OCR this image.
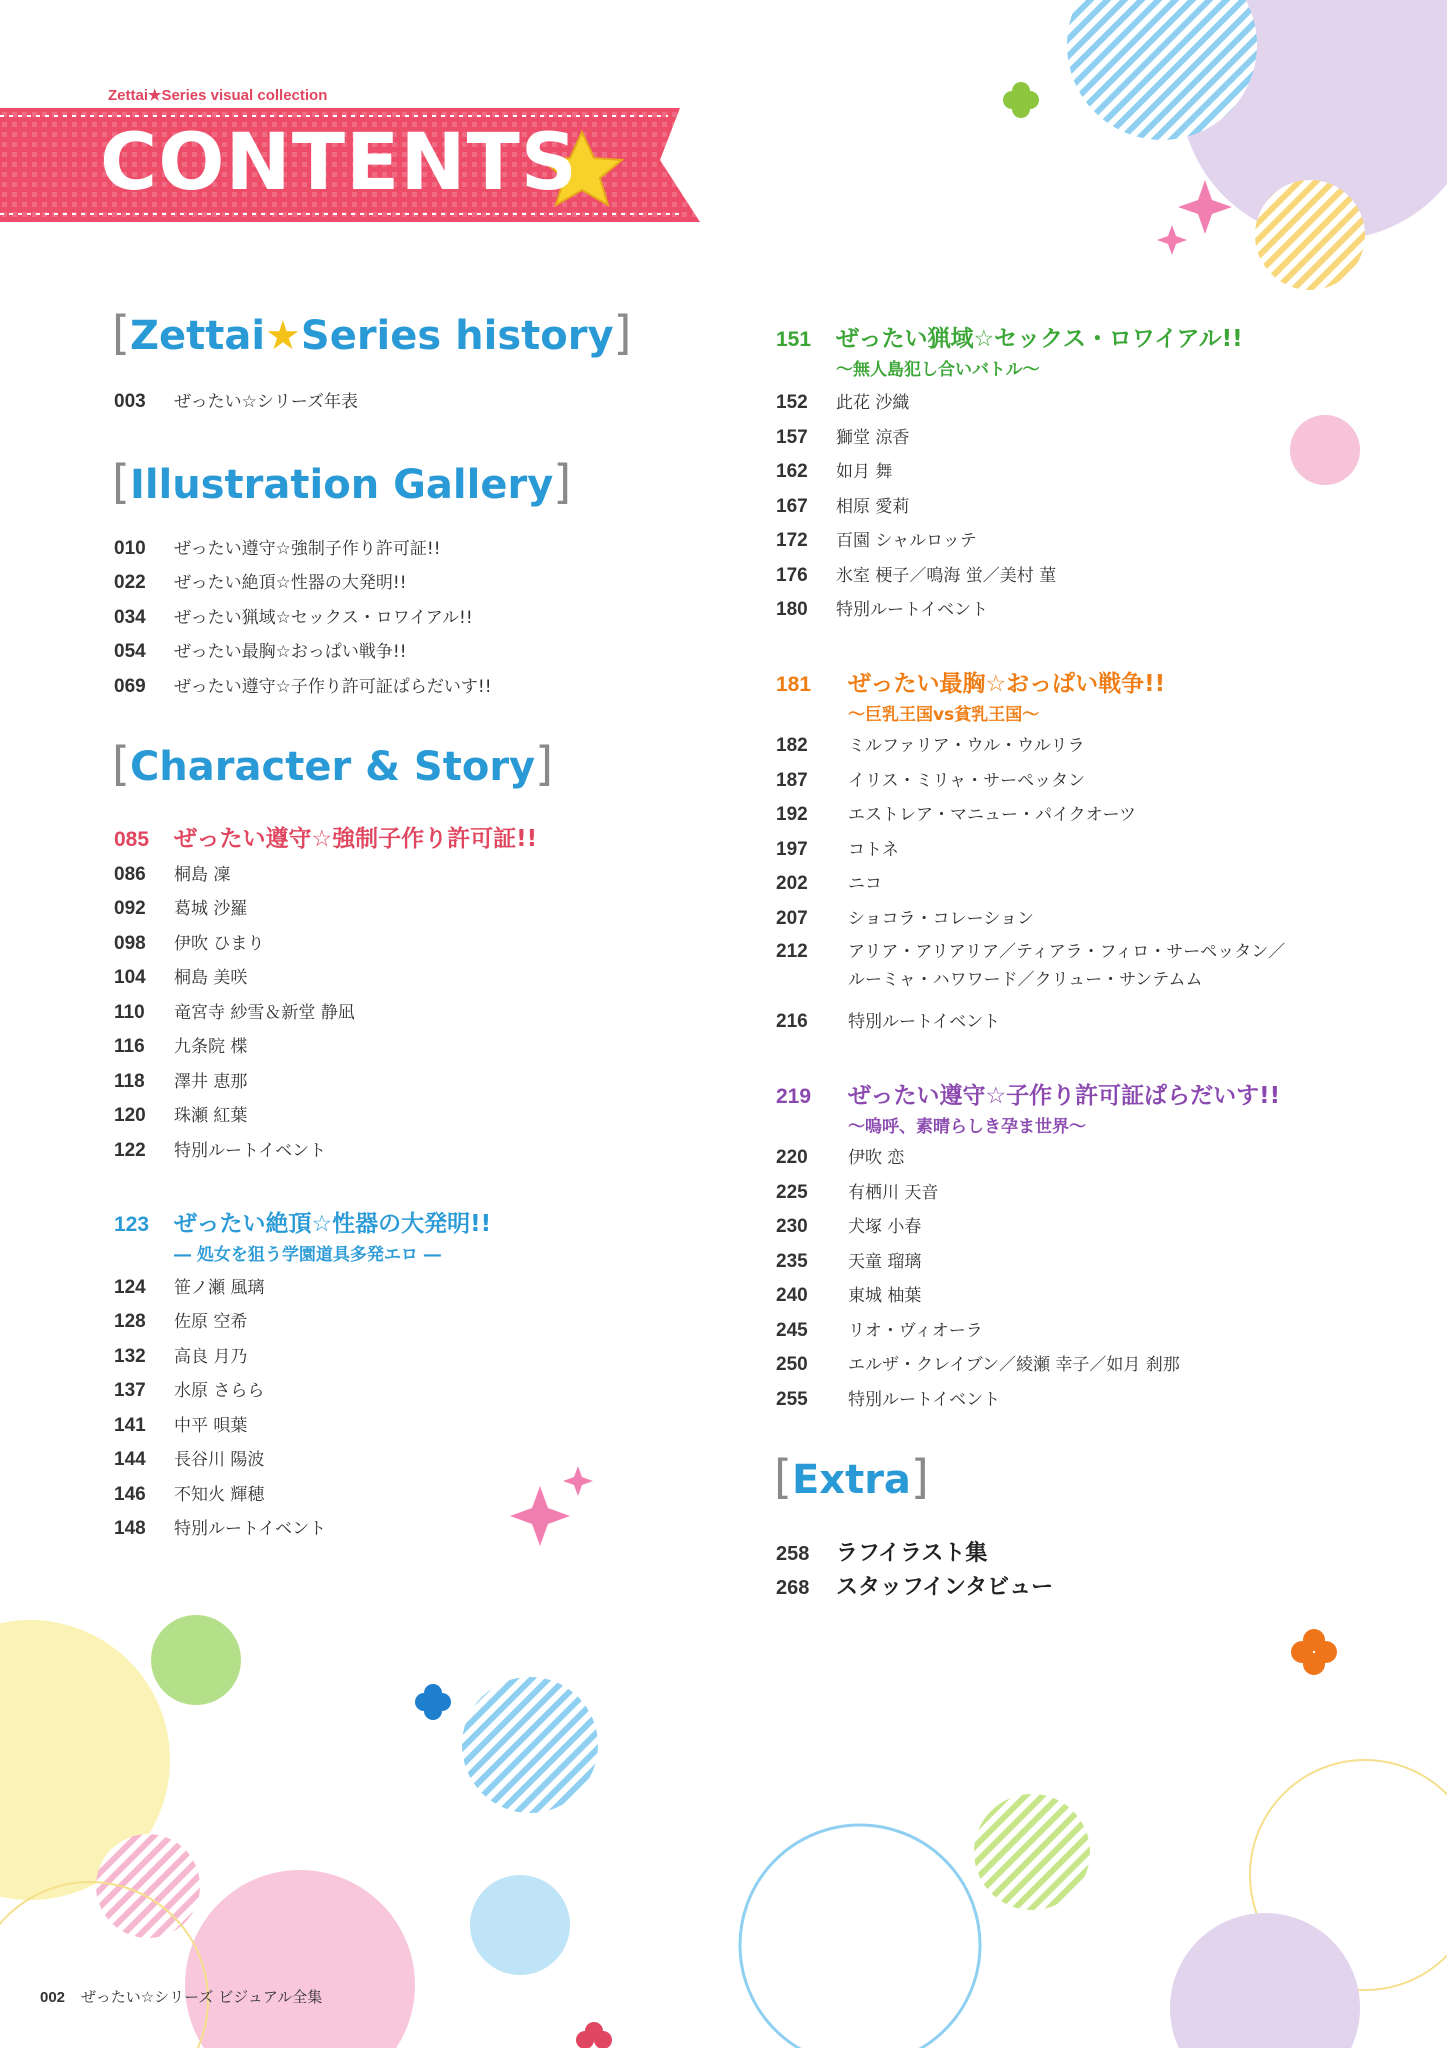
Zettai★Series visual collection
CONTENTS
[Zettai★Series history]
003	ぜったい☆シリーズ年表
[Illustration Gallery]
010	ぜったい遵守☆強制子作り許可証!!
022	ぜったい絶頂☆性器の大発明!!
034	ぜったい猟域☆セックス・ロワイアル!!
054	ぜったい最胸☆おっぱい戦争!!
069	ぜったい遵守☆子作り許可証ぱらだいす!!
[Character & Story]
085 ぜったい遵守☆強制子作り許可証!!
086	桐島 凜
092	葛城 沙羅
098	伊吹 ひまり
104	桐島 美咲
110	竜宮寺 紗雪＆新堂 静凪
116	九条院 楪
118	澤井 恵那
120	珠瀬 紅葉
122	特別ルートイベント
123 ぜったい絶頂☆性器の大発明!!
― 処女を狙う学園道具多発エロ ―
124	笹ノ瀬 風璃
128	佐原 空希
132	高良 月乃
137	水原 さらら
141	中平 唄葉
144	長谷川 陽波
146	不知火 輝穂
148	特別ルートイベント
151 ぜったい猟域☆セックス・ロワイアル!!
～無人島犯し合いバトル～
152	此花 沙織
157	獅堂 涼香
162	如月 舞
167	相原 愛莉
172	百園 シャルロッテ
176	氷室 梗子／鳴海 蛍／美村 菫
180	特別ルートイベント
181 ぜったい最胸☆おっぱい戦争!!
～巨乳王国vs貧乳王国～
182	ミルファリア・ウル・ウルリラ
187	イリス・ミリャ・サーペッタン
192	エストレア・マニュー・パイクオーツ
197	コトネ
202	ニコ
207	ショコラ・コレーション
212	アリア・アリアリア／ティアラ・フィロ・サーペッタン／
ルーミャ・ハワワード／クリュー・サンテムム
216	特別ルートイベント
219 ぜったい遵守☆子作り許可証ぱらだいす!!
～嗚呼、素晴らしき孕ま世界～
220	伊吹 恋
225	有栖川 天音
230	犬塚 小春
235	天童 瑠璃
240	東城 柚葉
245	リオ・ヴィオーラ
250	エルザ・クレイブン／綾瀬 幸子／如月 刹那
255	特別ルートイベント
[Extra]
258	ラフイラスト集
268	スタッフインタビュー
002 ぜったい☆シリーズ ビジュアル全集
